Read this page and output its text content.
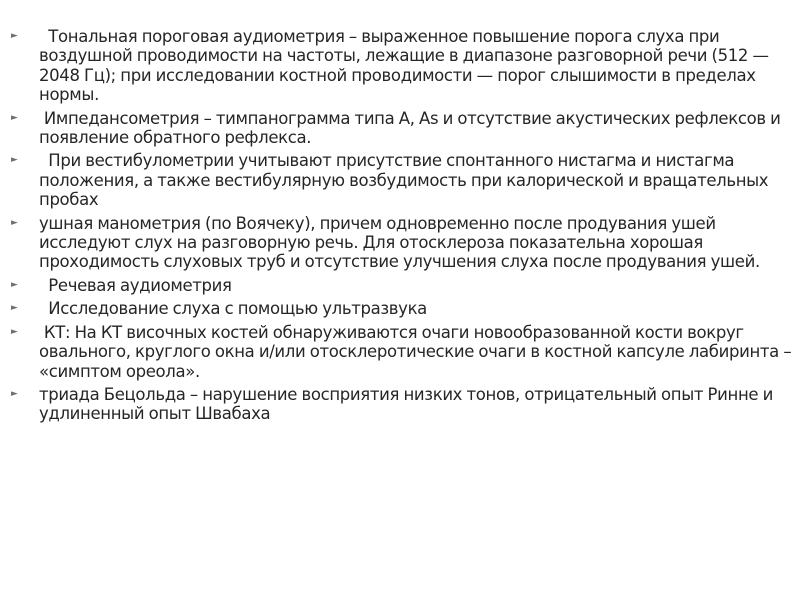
► Тональная пороговая аудиометрия – выраженное повышение порога слуха при воздушной проводимости на частоты, лежащие в диапазоне разговорной речи (512 — 2048 Гц); при исследовании костной проводимости — порог слышимости в пределах нормы.
► Импедансометрия – тимпанограмма типа А, As и отсутствие акустических рефлексов и появление обратного рефлекса.
► При вестибулометрии учитывают присутствие спонтанного нистагма и нистагма положения, а также вестибулярную возбудимость при калорической и вращательных пробах
► ушная манометрия (по Воячеку), причем одновременно после продувания ушей исследуют слух на разговорную речь. Для отосклероза показательна хорошая проходимость слуховых труб и отсутствие улучшения слуха после продувания ушей.
► Речевая аудиометрия
► Исследование слуха с помощью ультразвука
► КТ: На КТ височных костей обнаруживаются очаги новообразованной кости вокруг овального, круглого окна и/или отосклеротические очаги в костной капсуле лабиринта – «симптом ореола».
► триада Бецольда – нарушение восприятия низких тонов, отрицательный опыт Ринне и удлиненный опыт Швабаха
